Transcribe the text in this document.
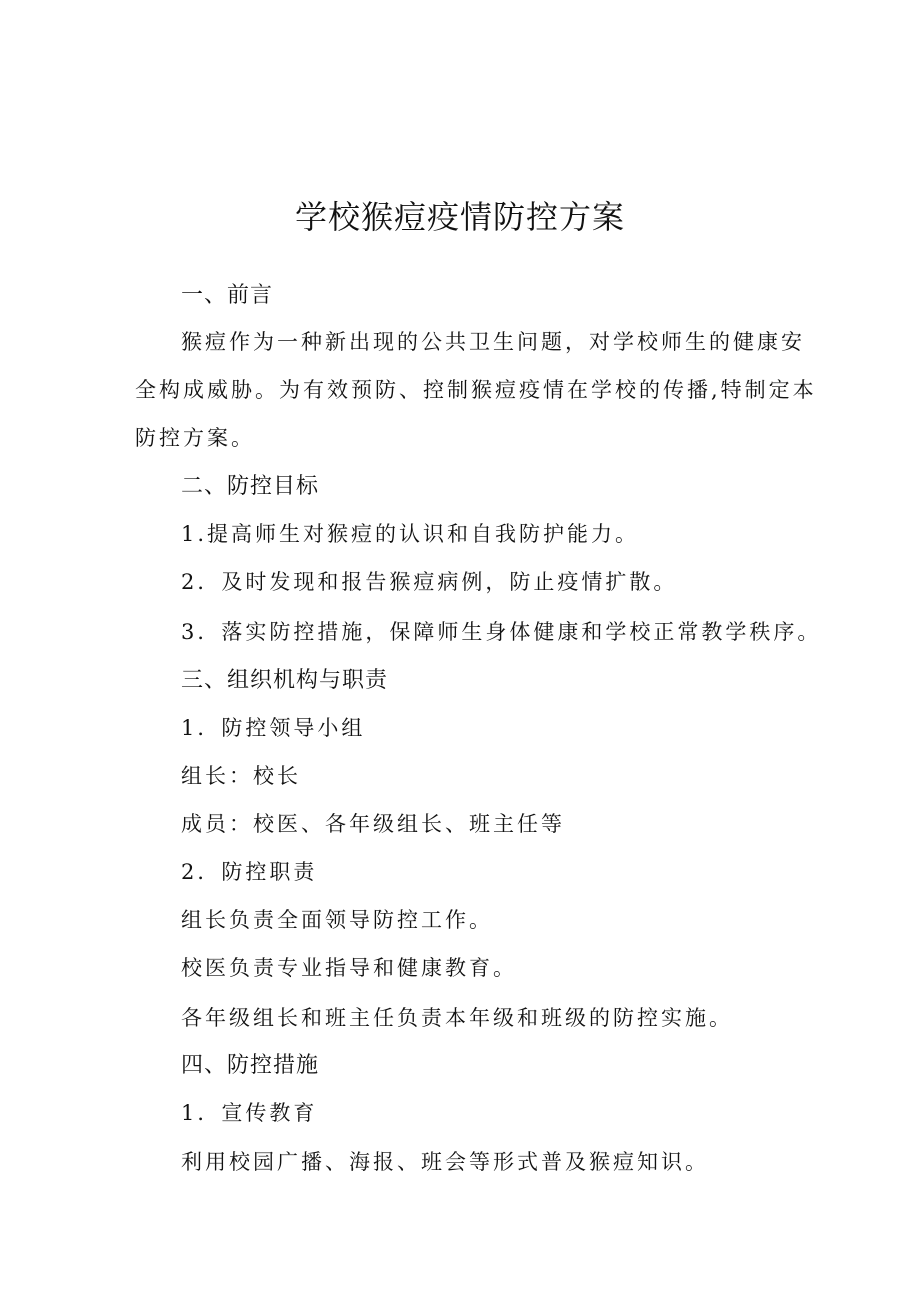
学校猴痘疫情防控方案
一、前言
猴痘作为一种新出现的公共卫生问题，对学校师生的健康安
全构成威胁。为有效预防、控制猴痘疫情在学校的传播,特制定本
防控方案。
二、防控目标
1.提高师生对猴痘的认识和自我防护能力。
2．及时发现和报告猴痘病例，防止疫情扩散。
3．落实防控措施，保障师生身体健康和学校正常教学秩序。
三、组织机构与职责
1．防控领导小组
组长：校长
成员：校医、各年级组长、班主任等
2．防控职责
组长负责全面领导防控工作。
校医负责专业指导和健康教育。
各年级组长和班主任负责本年级和班级的防控实施。
四、防控措施
1．宣传教育
利用校园广播、海报、班会等形式普及猴痘知识。
